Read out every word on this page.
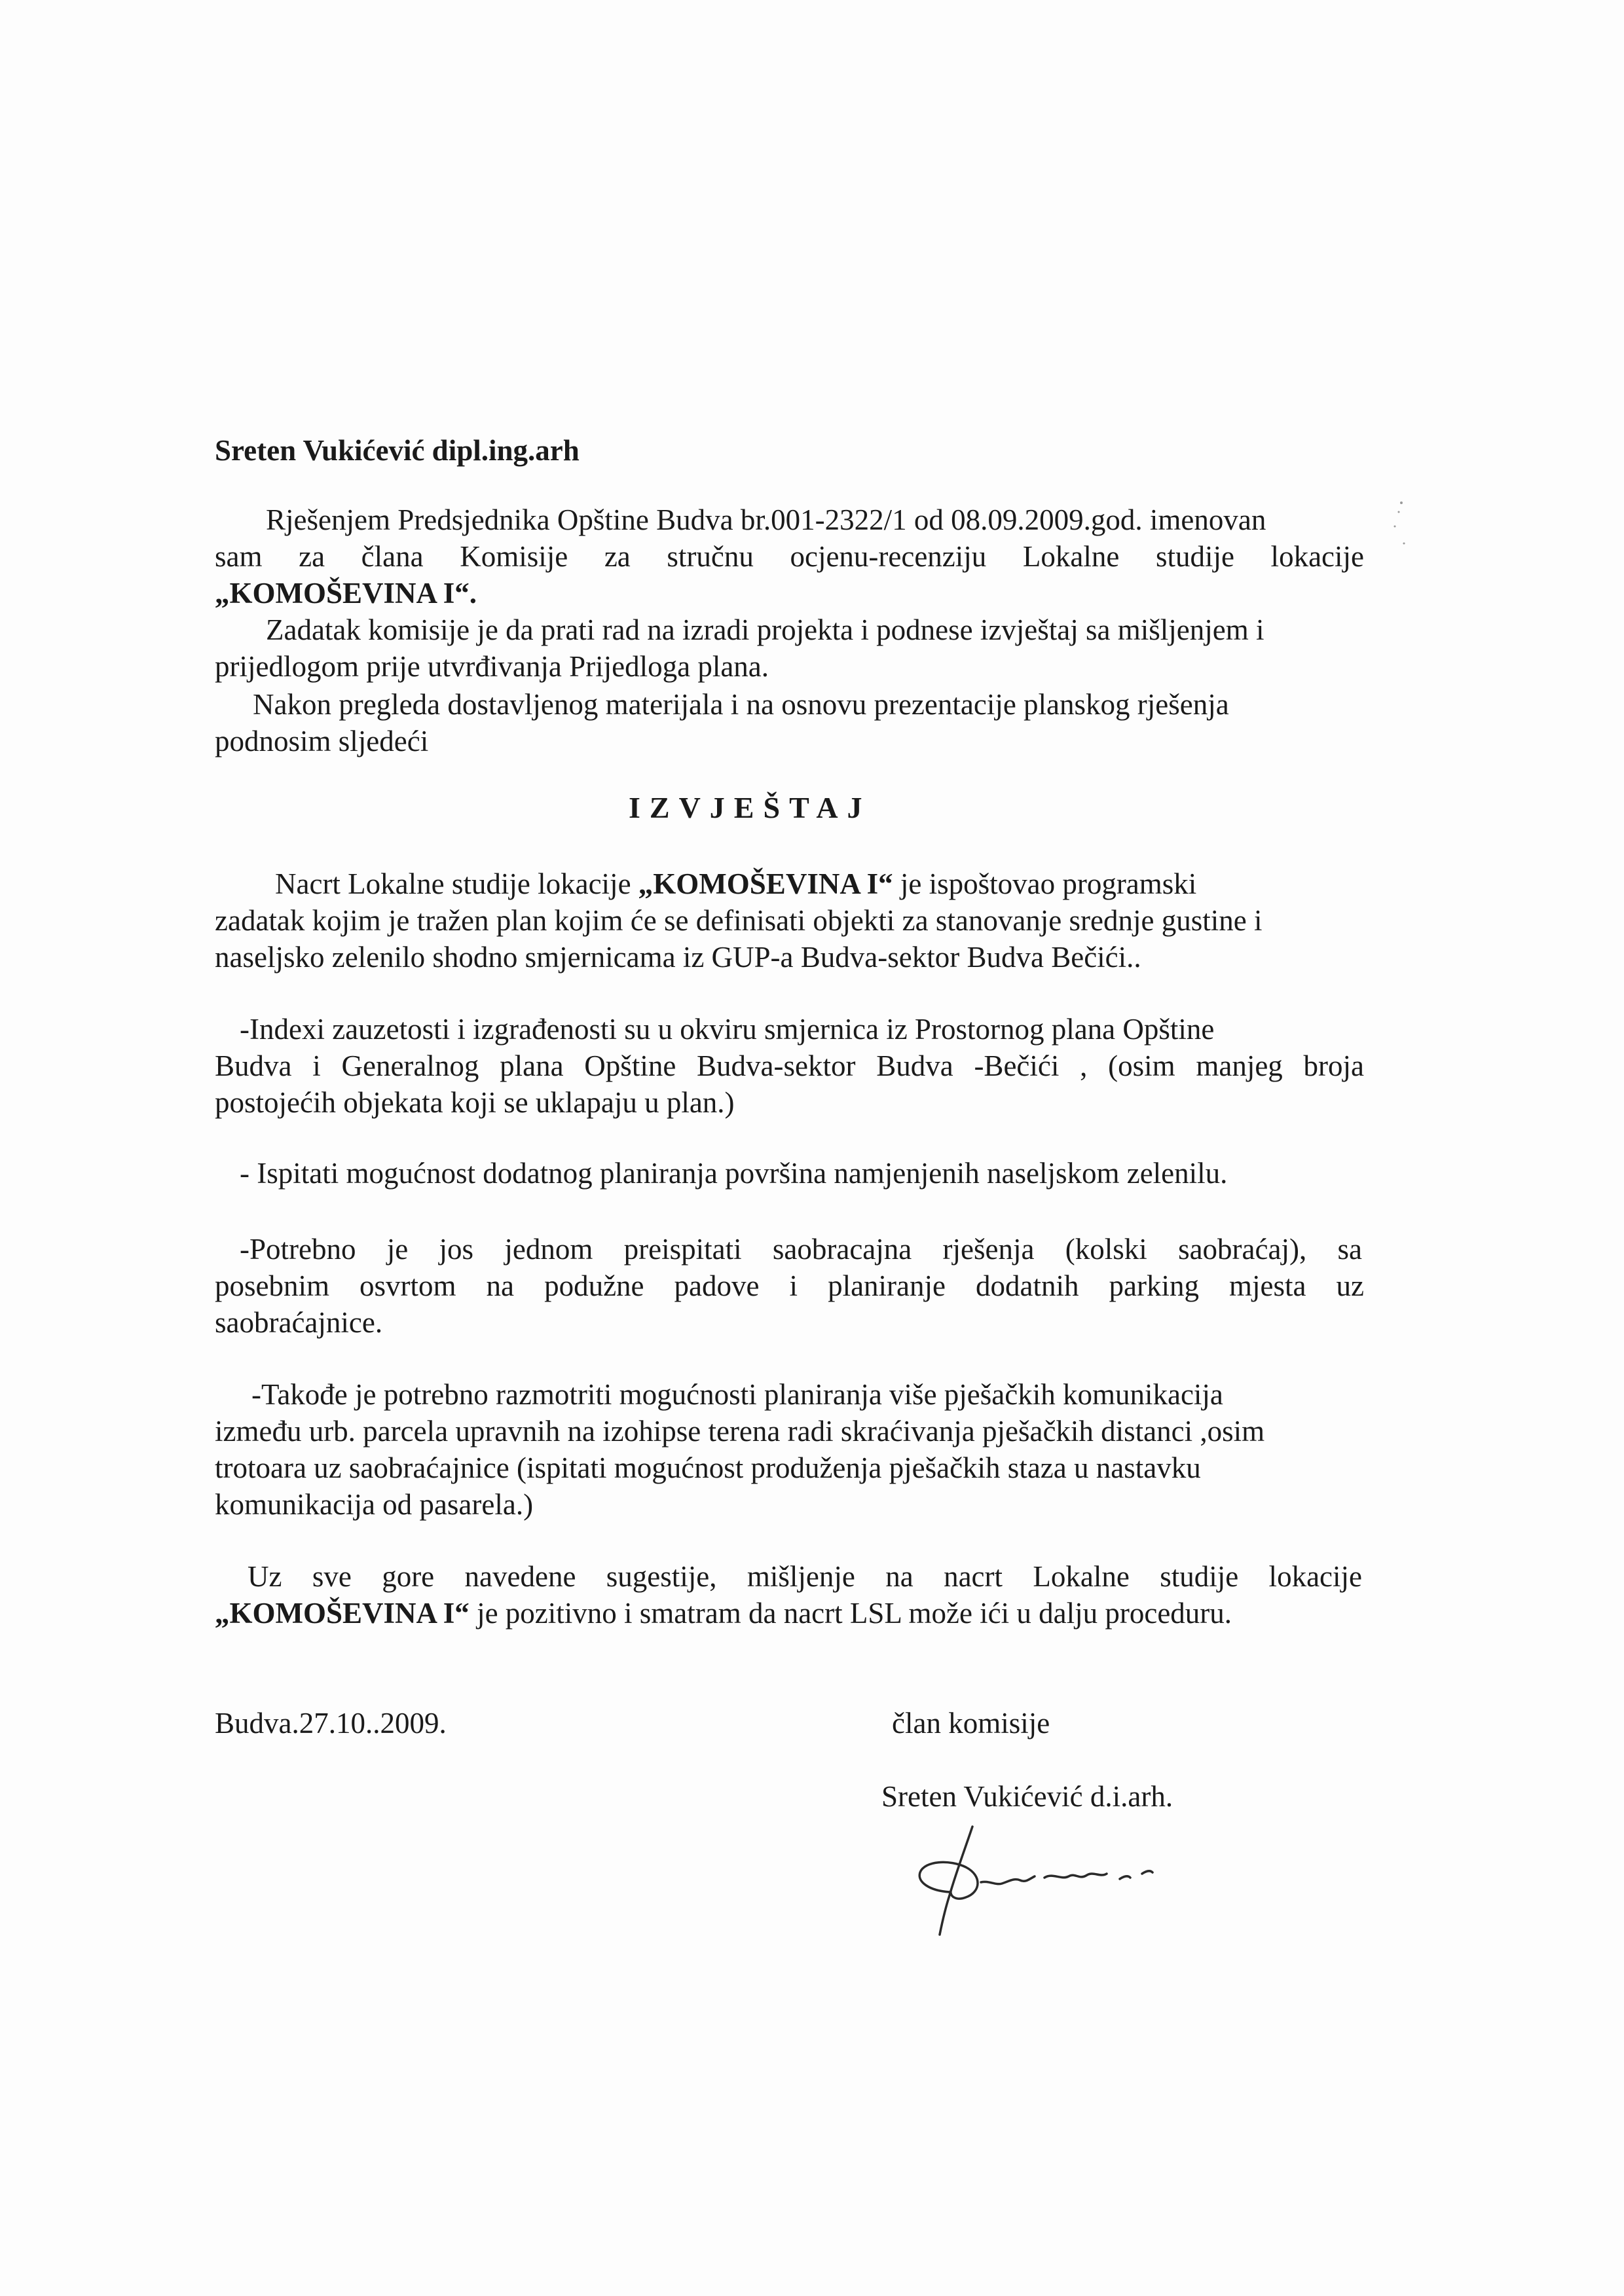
Sreten Vukićević dipl.ing.arh
Rješenjem Predsjednika Opštine Budva br.001-2322/1 od 08.09.2009.god. imenovan
sam za člana Komisije za stručnu ocjenu-recenziju Lokalne studije lokacije
„KOMOŠEVINA I“.
Zadatak komisije je da prati rad na izradi projekta i podnese izvještaj sa mišljenjem i
prijedlogom prije utvrđivanja Prijedloga plana.
Nakon pregleda dostavljenog materijala i na osnovu prezentacije planskog rješenja
podnosim sljedeći
IZVJEŠTAJ
Nacrt Lokalne studije lokacije „KOMOŠEVINA I“ je ispoštovao programski
zadatak kojim je tražen plan kojim će se definisati objekti za stanovanje srednje gustine i
naseljsko zelenilo shodno smjernicama iz GUP-a Budva-sektor Budva Bečići..
-Indexi zauzetosti i izgrađenosti su u okviru smjernica iz Prostornog plana Opštine
Budva i Generalnog plana Opštine Budva-sektor Budva -Bečići , (osim manjeg broja
postojećih objekata koji se uklapaju u plan.)
- Ispitati mogućnost dodatnog planiranja površina namjenjenih naseljskom zelenilu.
-Potrebno je jos jednom preispitati saobracajna rješenja (kolski saobraćaj), sa
posebnim osvrtom na podužne padove i planiranje dodatnih parking mjesta uz
saobraćajnice.
-Takođe je potrebno razmotriti mogućnosti planiranja više pješačkih komunikacija
između urb. parcela upravnih na izohipse terena radi skraćivanja pješačkih distanci ,osim
trotoara uz saobraćajnice (ispitati mogućnost produženja pješačkih staza u nastavku
komunikacija od pasarela.)
Uz sve gore navedene sugestije, mišljenje na nacrt Lokalne studije lokacije
„KOMOŠEVINA I“ je pozitivno i smatram da nacrt LSL može ići u dalju proceduru.
Budva.27.10..2009.	član komisije
Sreten Vukićević d.i.arh.
